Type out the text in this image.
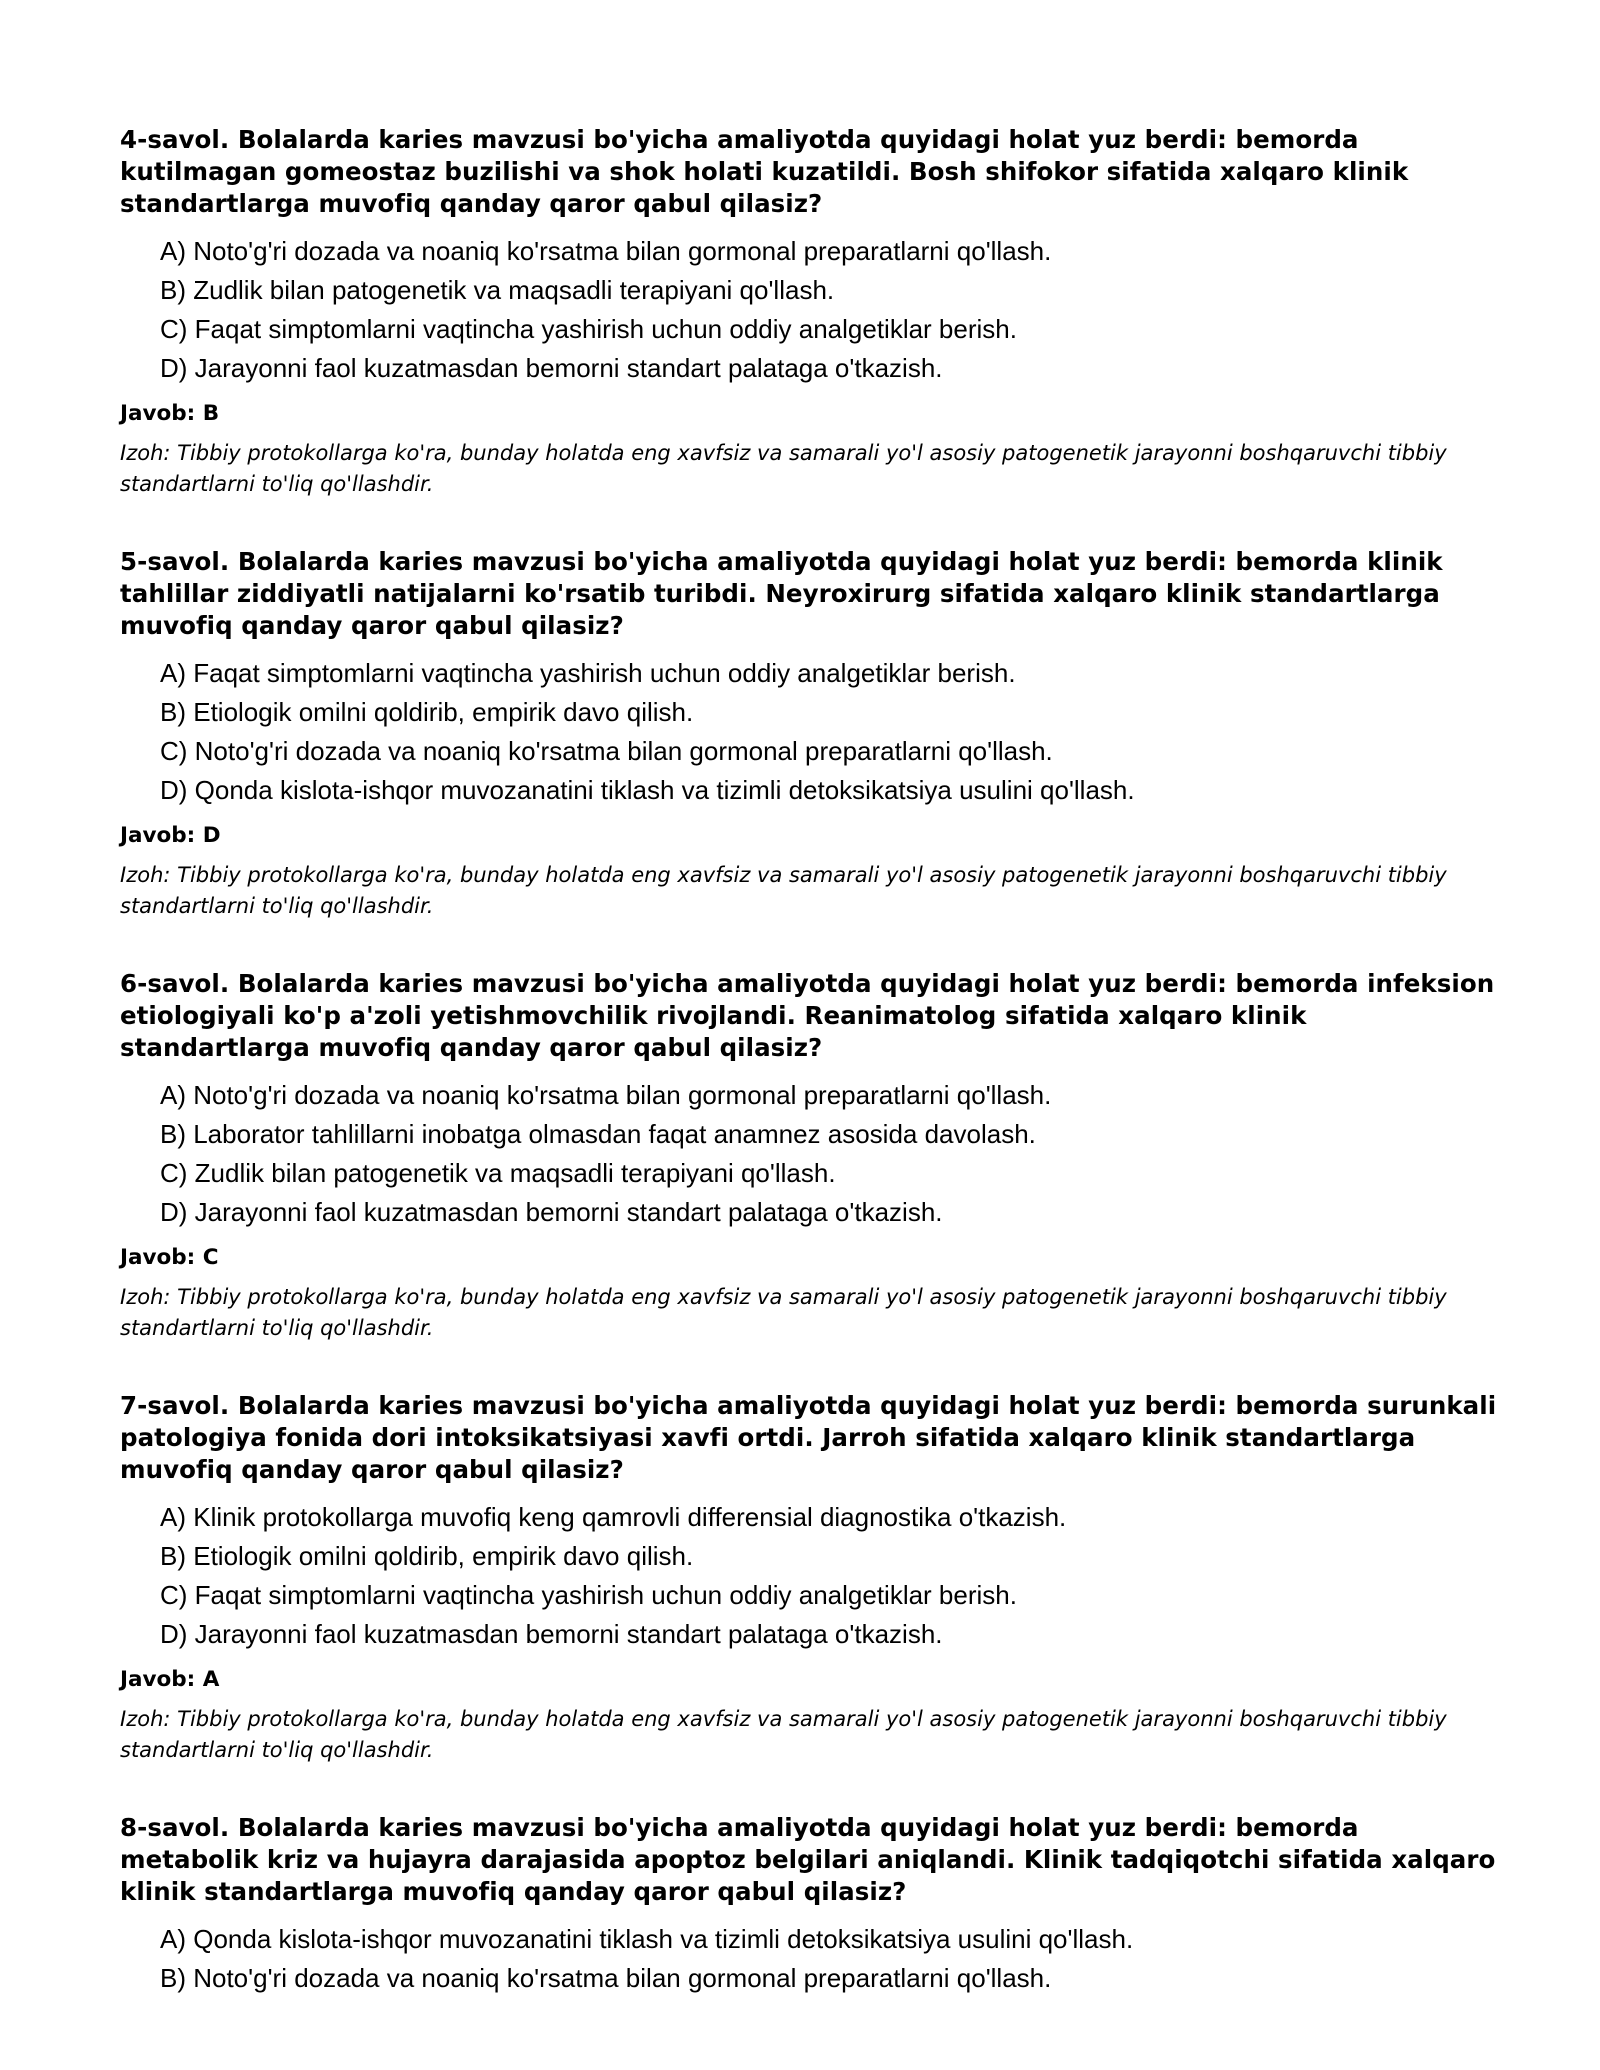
4-savol. Bolalarda karies mavzusi bo'yicha amaliyotda quyidagi holat yuz berdi: bemorda kutilmagan gomeostaz buzilishi va shok holati kuzatildi. Bosh shifokor sifatida xalqaro klinik standartlarga muvofiq qanday qaror qabul qilasiz?

A) Noto'g'ri dozada va noaniq ko'rsatma bilan gormonal preparatlarni qo'llash.
B) Zudlik bilan patogenetik va maqsadli terapiyani qo'llash.
C) Faqat simptomlarni vaqtincha yashirish uchun oddiy analgetiklar berish.
D) Jarayonni faol kuzatmasdan bemorni standart palataga o'tkazish.

Javob: B

Izoh: Tibbiy protokollarga ko'ra, bunday holatda eng xavfsiz va samarali yo'l asosiy patogenetik jarayonni boshqaruvchi tibbiy standartlarni to'liq qo'llashdir.

5-savol. Bolalarda karies mavzusi bo'yicha amaliyotda quyidagi holat yuz berdi: bemorda klinik tahlillar ziddiyatli natijalarni ko'rsatib turibdi. Neyroxirurg sifatida xalqaro klinik standartlarga muvofiq qanday qaror qabul qilasiz?

A) Faqat simptomlarni vaqtincha yashirish uchun oddiy analgetiklar berish.
B) Etiologik omilni qoldirib, empirik davo qilish.
C) Noto'g'ri dozada va noaniq ko'rsatma bilan gormonal preparatlarni qo'llash.
D) Qonda kislota-ishqor muvozanatini tiklash va tizimli detoksikatsiya usulini qo'llash.

Javob: D

Izoh: Tibbiy protokollarga ko'ra, bunday holatda eng xavfsiz va samarali yo'l asosiy patogenetik jarayonni boshqaruvchi tibbiy standartlarni to'liq qo'llashdir.

6-savol. Bolalarda karies mavzusi bo'yicha amaliyotda quyidagi holat yuz berdi: bemorda infeksion etiologiyali ko'p a'zoli yetishmovchilik rivojlandi. Reanimatolog sifatida xalqaro klinik standartlarga muvofiq qanday qaror qabul qilasiz?

A) Noto'g'ri dozada va noaniq ko'rsatma bilan gormonal preparatlarni qo'llash.
B) Laborator tahlillarni inobatga olmasdan faqat anamnez asosida davolash.
C) Zudlik bilan patogenetik va maqsadli terapiyani qo'llash.
D) Jarayonni faol kuzatmasdan bemorni standart palataga o'tkazish.

Javob: C

Izoh: Tibbiy protokollarga ko'ra, bunday holatda eng xavfsiz va samarali yo'l asosiy patogenetik jarayonni boshqaruvchi tibbiy standartlarni to'liq qo'llashdir.

7-savol. Bolalarda karies mavzusi bo'yicha amaliyotda quyidagi holat yuz berdi: bemorda surunkali patologiya fonida dori intoksikatsiyasi xavfi ortdi. Jarroh sifatida xalqaro klinik standartlarga muvofiq qanday qaror qabul qilasiz?

A) Klinik protokollarga muvofiq keng qamrovli differensial diagnostika o'tkazish.
B) Etiologik omilni qoldirib, empirik davo qilish.
C) Faqat simptomlarni vaqtincha yashirish uchun oddiy analgetiklar berish.
D) Jarayonni faol kuzatmasdan bemorni standart palataga o'tkazish.

Javob: A

Izoh: Tibbiy protokollarga ko'ra, bunday holatda eng xavfsiz va samarali yo'l asosiy patogenetik jarayonni boshqaruvchi tibbiy standartlarni to'liq qo'llashdir.

8-savol. Bolalarda karies mavzusi bo'yicha amaliyotda quyidagi holat yuz berdi: bemorda metabolik kriz va hujayra darajasida apoptoz belgilari aniqlandi. Klinik tadqiqotchi sifatida xalqaro klinik standartlarga muvofiq qanday qaror qabul qilasiz?

A) Qonda kislota-ishqor muvozanatini tiklash va tizimli detoksikatsiya usulini qo'llash.
B) Noto'g'ri dozada va noaniq ko'rsatma bilan gormonal preparatlarni qo'llash.
